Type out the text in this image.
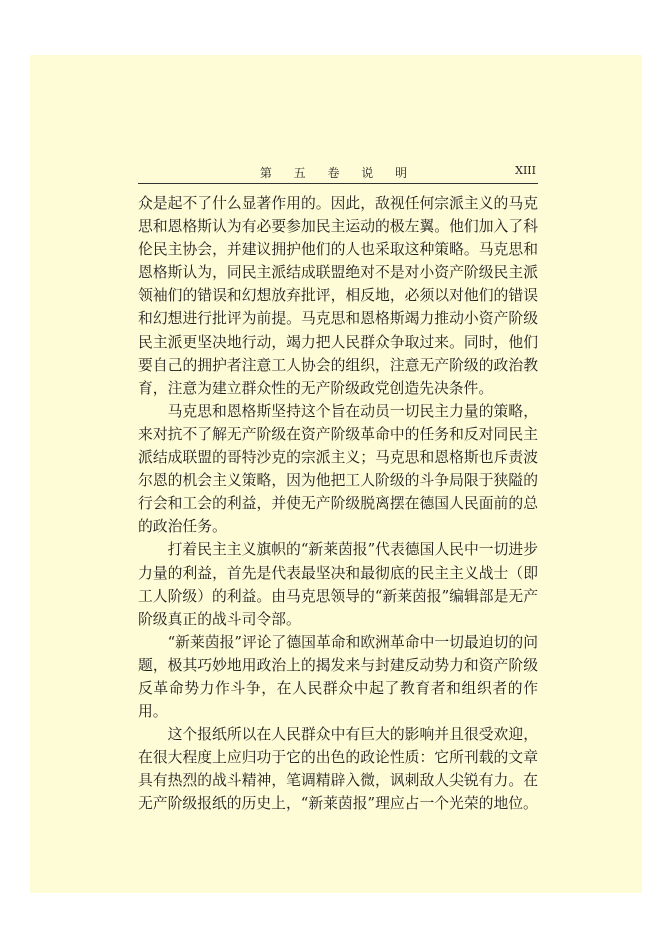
第 五 卷 说 明	XIII

众是起不了什么显著作用的。因此，敌视任何宗派主义的马克思和恩格斯认为有必要参加民主运动的极左翼。他们加入了科伦民主协会，并建议拥护他们的人也采取这种策略。马克思和恩格斯认为，同民主派结成联盟绝对不是对小资产阶级民主派领袖们的错误和幻想放弃批评，相反地，必须以对他们的错误和幻想进行批评为前提。马克思和恩格斯竭力推动小资产阶级民主派更坚决地行动，竭力把人民群众争取过来。同时，他们要自己的拥护者注意工人协会的组织，注意无产阶级的政治教育，注意为建立群众性的无产阶级政党创造先决条件。

马克思和恩格斯坚持这个旨在动员一切民主力量的策略，来对抗不了解无产阶级在资产阶级革命中的任务和反对同民主派结成联盟的哥特沙克的宗派主义；马克思和恩格斯也斥责波尔恩的机会主义策略，因为他把工人阶级的斗争局限于狭隘的行会和工会的利益，并使无产阶级脱离摆在德国人民面前的总的政治任务。

打着民主主义旗帜的“新莱茵报”代表德国人民中一切进步力量的利益，首先是代表最坚决和最彻底的民主主义战士（即工人阶级）的利益。由马克思领导的“新莱茵报”编辑部是无产阶级真正的战斗司令部。

“新莱茵报”评论了德国革命和欧洲革命中一切最迫切的问题，极其巧妙地用政治上的揭发来与封建反动势力和资产阶级反革命势力作斗争，在人民群众中起了教育者和组织者的作用。

这个报纸所以在人民群众中有巨大的影响并且很受欢迎，在很大程度上应归功于它的出色的政论性质：它所刊载的文章具有热烈的战斗精神，笔调精辟入微，讽刺敌人尖锐有力。在无产阶级报纸的历史上，“新莱茵报”理应占一个光荣的地位。
